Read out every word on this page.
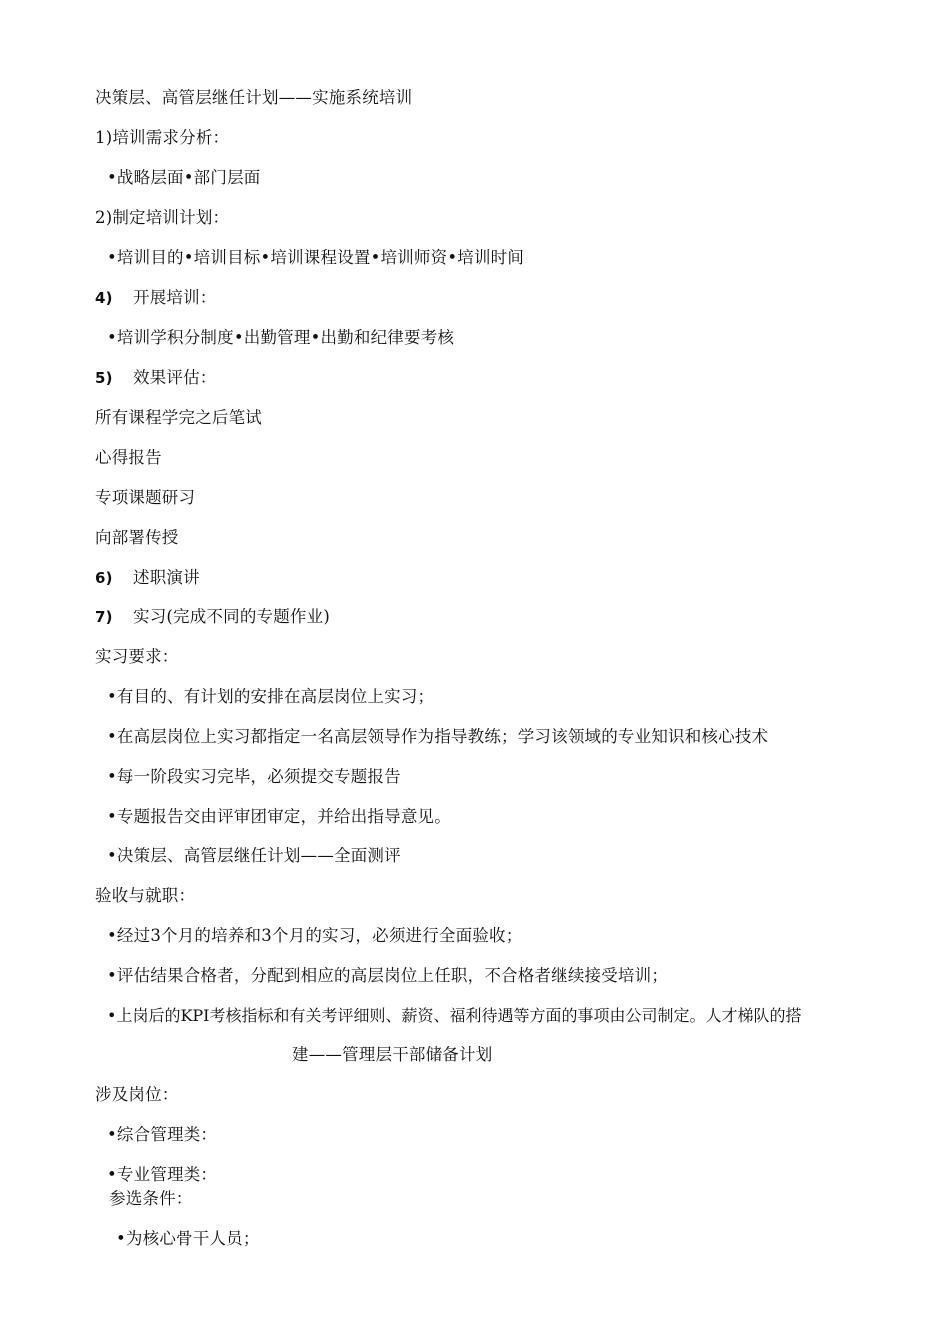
决策层、高管层继任计划——实施系统培训
1)培训需求分析：
•战略层面•部门层面
2)制定培训计划：
•培训目的•培训目标•培训课程设置•培训师资•培训时间
4) 开展培训：
•培训学积分制度•出勤管理•出勤和纪律要考核
5) 效果评估：
所有课程学完之后笔试
心得报告
专项课题研习
向部署传授
6) 述职演讲
7) 实习(完成不同的专题作业)
实习要求：
•有目的、有计划的安排在高层岗位上实习；
•在高层岗位上实习都指定一名高层领导作为指导教练；学习该领域的专业知识和核心技术
•每一阶段实习完毕，必须提交专题报告
•专题报告交由评审团审定，并给出指导意见。
•决策层、高管层继任计划——全面测评
验收与就职：
•经过3个月的培养和3个月的实习，必须进行全面验收；
•评估结果合格者，分配到相应的高层岗位上任职，不合格者继续接受培训；
•上岗后的KPI考核指标和有关考评细则、薪资、福利待遇等方面的事项由公司制定。人才梯队的搭
建——管理层干部储备计划
涉及岗位：
•综合管理类：
•专业管理类：
参选条件：
•为核心骨干人员；
